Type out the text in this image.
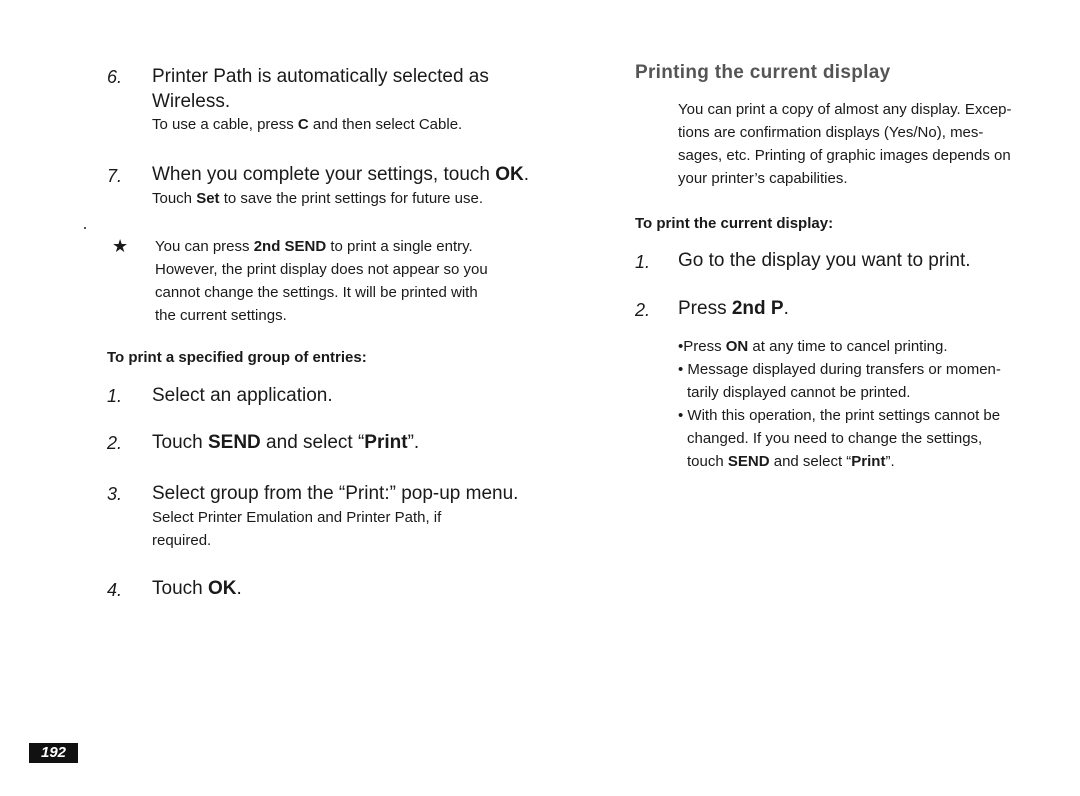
6. Printer Path is automatically selected as
Wireless.
To use a cable, press C and then select Cable.
7. When you complete your settings, touch OK.
Touch Set to save the print settings for future use.
★ You can press 2nd SEND to print a single entry.
However, the print display does not appear so you
cannot change the settings. It will be printed with
the current settings.
To print a specified group of entries:
1. Select an application.
2. Touch SEND and select “Print”.
3. Select group from the “Print:” pop-up menu.
Select Printer Emulation and Printer Path, if
required.
4. Touch OK.
Printing the current display
You can print a copy of almost any display. Excep-
tions are confirmation displays (Yes/No), mes-
sages, etc. Printing of graphic images depends on
your printer’s capabilities.
To print the current display:
1. Go to the display you want to print.
2. Press 2nd P.
•Press ON at any time to cancel printing.
• Message displayed during transfers or momen-
tarily displayed cannot be printed.
• With this operation, the print settings cannot be
changed. If you need to change the settings,
touch SEND and select “Print”.
192
